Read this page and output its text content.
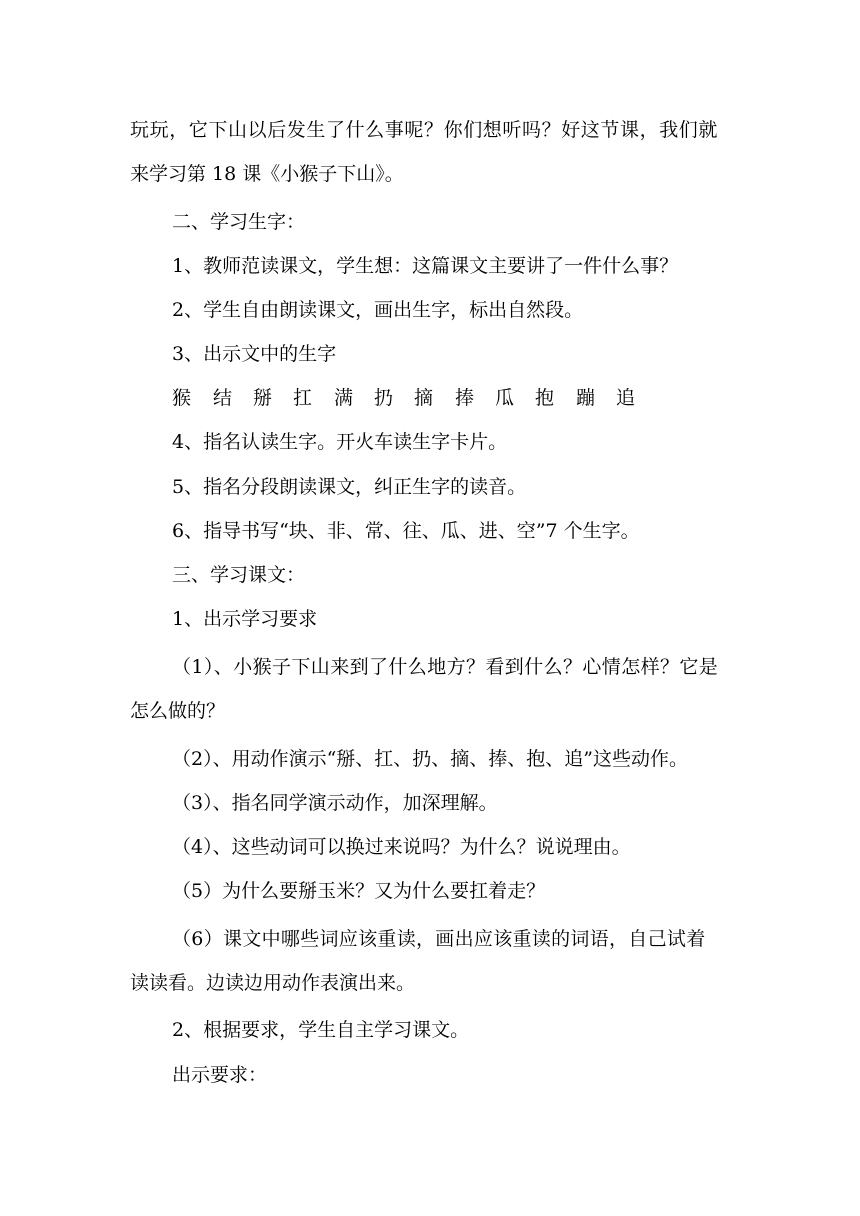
玩玩，它下山以后发生了什么事呢？你们想听吗？好这节课，我们就
来学习第 18 课《小猴子下山》。
二、学习生字：
1、教师范读课文，学生想：这篇课文主要讲了一件什么事？
2、学生自由朗读课文，画出生字，标出自然段。
3、出示文中的生字
猴 结 掰 扛 满 扔 摘 捧 瓜 抱 蹦 追
4、指名认读生字。开火车读生字卡片。
5、指名分段朗读课文，纠正生字的读音。
6、指导书写“块、非、常、往、瓜、进、空”7 个生字。
三、学习课文：
1、出示学习要求
（1）、小猴子下山来到了什么地方？看到什么？心情怎样？它是
怎么做的？
（2）、用动作演示“掰、扛、扔、摘、捧、抱、追”这些动作。
（3）、指名同学演示动作，加深理解。
（4）、这些动词可以换过来说吗？为什么？说说理由。
（5）为什么要掰玉米？又为什么要扛着走？
（6）课文中哪些词应该重读，画出应该重读的词语，自己试着
读读看。边读边用动作表演出来。
2、根据要求，学生自主学习课文。
出示要求：
